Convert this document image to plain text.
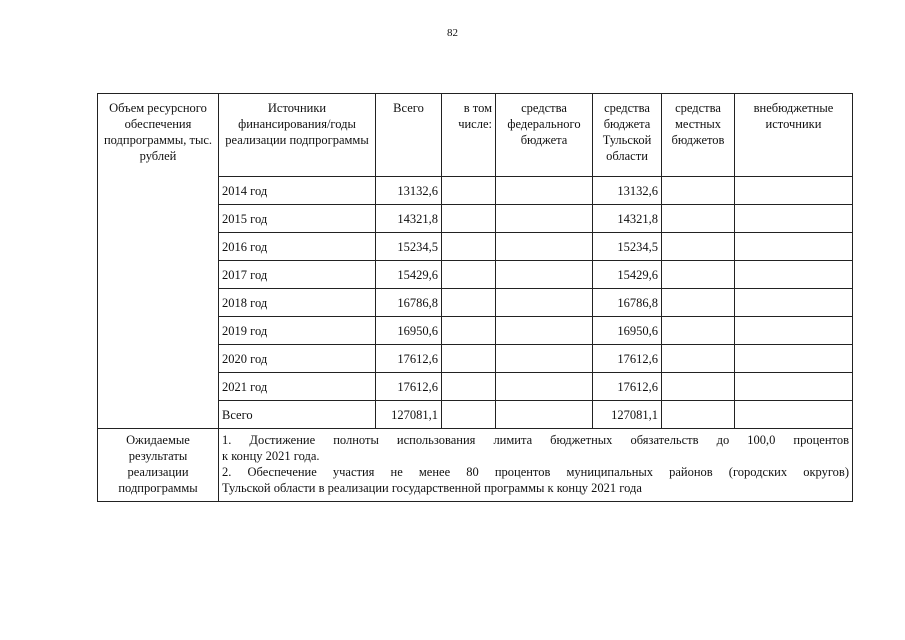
82
Объем ресурсного обеспечения подпрограммы, тыс. рублей	Источники финансирования/годы реализации подпрограммы	Всего	в том числе:	средства федерального бюджета	средства бюджета Тульской области	средства местных бюджетов	внебюджетные источники
	2014 год	13132,6			13132,6		
	2015 год	14321,8			14321,8		
	2016 год	15234,5			15234,5		
	2017 год	15429,6			15429,6		
	2018 год	16786,8			16786,8		
	2019 год	16950,6			16950,6		
	2020 год	17612,6			17612,6		
	2021 год	17612,6			17612,6		
	Всего	127081,1			127081,1		
Ожидаемые результаты реализации подпрограммы	1. Достижение полноты использования лимита бюджетных обязательств до 100,0 процентов
к концу 2021 года.
2. Обеспечение участия не менее 80 процентов муниципальных районов (городских округов)
Тульской области в реализации государственной программы к концу 2021 года						
